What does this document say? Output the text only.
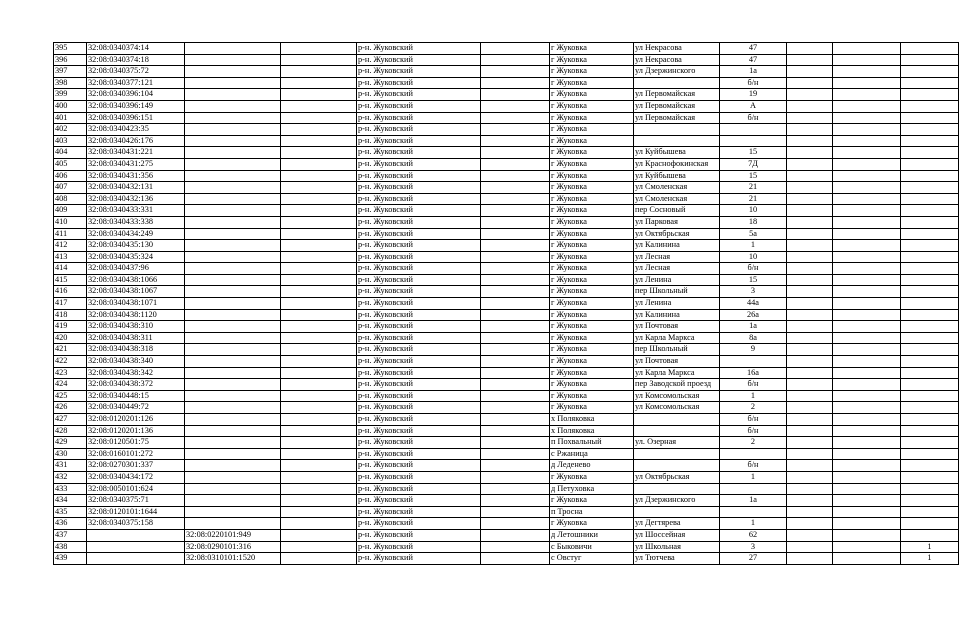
395	32:08:0340374:14			р-н. Жуковский		г Жуковка	ул Некрасова	47			
396	32:08:0340374:18			р-н. Жуковский		г Жуковка	ул Некрасова	47			
397	32:08:0340375:72			р-н. Жуковский		г Жуковка	ул Дзержинского	1а			
398	32:08:0340377:121			р-н. Жуковский		г Жуковка		б/н			
399	32:08:0340396:104			р-н. Жуковский		г Жуковка	ул Первомайская	19			
400	32:08:0340396:149			р-н. Жуковский		г Жуковка	ул Первомайская	А			
401	32:08:0340396:151			р-н. Жуковский		г Жуковка	ул Первомайская	б/н			
402	32:08:0340423:35			р-н. Жуковский		г Жуковка					
403	32:08:0340426:176			р-н. Жуковский		г Жуковка					
404	32:08:0340431:221			р-н. Жуковский		г Жуковка	ул Куйбышева	15			
405	32:08:0340431:275			р-н. Жуковский		г Жуковка	ул Краснофокинская	7Д			
406	32:08:0340431:356			р-н. Жуковский		г Жуковка	ул Куйбышева	15			
407	32:08:0340432:131			р-н. Жуковский		г Жуковка	ул Смоленская	21			
408	32:08:0340432:136			р-н. Жуковский		г Жуковка	ул Смоленская	21			
409	32:08:0340433:331			р-н. Жуковский		г Жуковка	пер Сосновый	10			
410	32:08:0340433:338			р-н. Жуковский		г Жуковка	ул Парковая	18			
411	32:08:0340434:249			р-н. Жуковский		г Жуковка	ул Октябрьская	5а			
412	32:08:0340435:130			р-н. Жуковский		г Жуковка	ул Калинина	1			
413	32:08:0340435:324			р-н. Жуковский		г Жуковка	ул Лесная	10			
414	32:08:0340437:96			р-н. Жуковский		г Жуковка	ул Лесная	б/н			
415	32:08:0340438:1066			р-н. Жуковский		г Жуковка	ул Ленина	15			
416	32:08:0340438:1067			р-н. Жуковский		г Жуковка	пер Школьный	3			
417	32:08:0340438:1071			р-н. Жуковский		г Жуковка	ул Ленина	44а			
418	32:08:0340438:1120			р-н. Жуковский		г Жуковка	ул Калинина	26а			
419	32:08:0340438:310			р-н. Жуковский		г Жуковка	ул Почтовая	1а			
420	32:08:0340438:311			р-н. Жуковский		г Жуковка	ул Карла Маркса	8а			
421	32:08:0340438:318			р-н. Жуковский		г Жуковка	пер Школьный	9			
422	32:08:0340438:340			р-н. Жуковский		г Жуковка	ул Почтовая				
423	32:08:0340438:342			р-н. Жуковский		г Жуковка	ул Карла Маркса	16а			
424	32:08:0340438:372			р-н. Жуковский		г Жуковка	пер Заводской проезд	б/н			
425	32:08:0340448:15			р-н. Жуковский		г Жуковка	ул Комсомольская	1			
426	32:08:0340449:72			р-н. Жуковский		г Жуковка	ул Комсомольская	2			
427	32:08:0120201:126			р-н. Жуковский		х Поляковка		б/н			
428	32:08:0120201:136			р-н. Жуковский		х Поляковка		б/н			
429	32:08:0120501:75			р-н. Жуковский		п Похвальный	ул. Озерная	2			
430	32:08:0160101:272			р-н. Жуковский		с Ржаница					
431	32:08:0270301:337			р-н. Жуковский		д Леденево		б/н			
432	32:08:0340434:172			р-н. Жуковский		г Жуковка	ул Октябрьская	1			
433	32:08:0050101:624			р-н. Жуковский		д Петуховка					
434	32:08:0340375:71			р-н. Жуковский		г Жуковка	ул Дзержинского	1а			
435	32:08:0120101:1644			р-н. Жуковский		п Тросна					
436	32:08:0340375:158			р-н. Жуковский		г Жуковка	ул Дегтярева	1			
437		32:08:0220101:949		р-н. Жуковский		д Летошники	ул Шоссейная	62			
438		32:08:0290101:316		р-н. Жуковский		с Быковичи	ул Школьная	3			1
439		32:08:0310101:1520		р-н. Жуковский		с Овстуг	ул Тютчева	27			1
